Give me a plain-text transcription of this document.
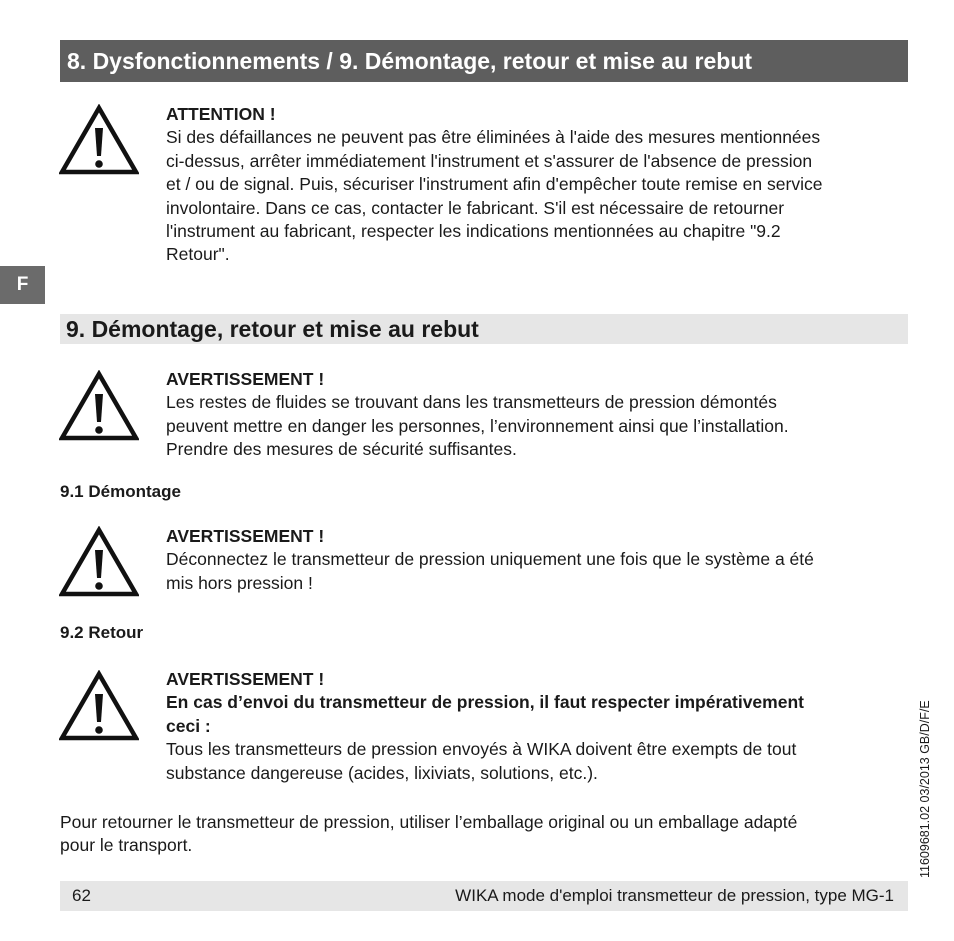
8. Dysfonctionnements / 9. Démontage, retour et mise au rebut
F
ATTENTION !
Si des défaillances ne peuvent pas être éliminées à l'aide des mesures mentionnées
ci-dessus, arrêter immédiatement l'instrument et s'assurer de l'absence de pression
et / ou de signal. Puis, sécuriser l'instrument afin d'empêcher toute remise en service
involontaire. Dans ce cas, contacter le fabricant. S'il est nécessaire de retourner
l'instrument au fabricant, respecter les indications mentionnées au chapitre "9.2
Retour".
9. Démontage, retour et mise au rebut
AVERTISSEMENT !
Les restes de fluides se trouvant dans les transmetteurs de pression démontés
peuvent mettre en danger les personnes, l’environnement ainsi que l’installation.
Prendre des mesures de sécurité suffisantes.
9.1 Démontage
AVERTISSEMENT !
Déconnectez le transmetteur de pression uniquement une fois que le système a été
mis hors pression !
9.2 Retour
AVERTISSEMENT !
En cas d’envoi du transmetteur de pression, il faut respecter impérativement
ceci :
Tous les transmetteurs de pression envoyés à WIKA doivent être exempts de tout
substance dangereuse (acides, lixiviats, solutions, etc.).
Pour retourner le transmetteur de pression, utiliser l’emballage original ou un emballage adapté
pour le transport.
62	WIKA mode d'emploi transmetteur de pression, type MG-1
11609681.02 03/2013 GB/D/F/E
